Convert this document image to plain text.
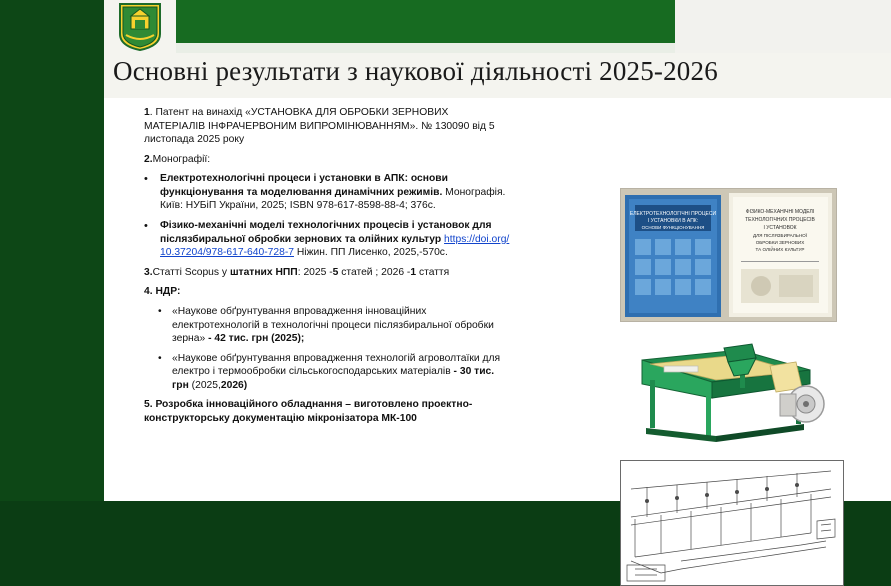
Основні результати з наукової діяльності 2025-2026
1. Патент на винахід «УСТАНОВКА ДЛЯ ОБРОБКИ ЗЕРНОВИХ МАТЕРІАЛІВ ІНФРАЧЕРВОНИМ ВИПРОМІНЮВАННЯМ». № 130090 від 5 листопада 2025 року
2.Монографії:
•	Електротехнологічні процеси і установки в АПК: основи функціонування та моделювання динамічних режимів. Монографія. Київ: НУБіП України, 2025; ISBN 978-617-8598-88-4; 376с.
•	Фізико-механічні моделі технологічних процесів і установок для післязбиральної обробки зернових та олійних культур https://doi.org/10.37204/978-617-640-728-7 Ніжин. ПП Лисенко, 2025,-570с.
3.Статті Scopus у штатних НПП: 2025 -5 статей ; 2026 -1 стаття
4. НДР:
•	«Наукове обґрунтування впровадження інноваційних електротехнологій в технологічні процеси післязбиральної обробки зерна» - 42 тис. грн (2025);
•	«Наукове обґрунтування впровадження технологій агроволтаїки для електро і термообробки сільськогосподарських матеріалів - 30 тис. грн (2025,2026)
5. Розробка інноваційного обладнання – виготовлено проектно-конструкторську документацію мікронізатора МК-100
ЕЛЕКТРОТЕХНОЛОГІЧНІ ПРОЦЕСИ
І УСТАНОВКИ В АПК:
ОСНОВИ ФУНКЦІОНУВАННЯ
ФІЗИКО-МЕХАНІЧНІ МОДЕЛІ
ТЕХНОЛОГІЧНИХ ПРОЦЕСІВ
І УСТАНОВОК
ДЛЯ ПІСЛЯЗБИРАЛЬНОЇ
ОБРОБКИ ЗЕРНОВИХ
ТА ОЛІЙНИХ КУЛЬТУР
